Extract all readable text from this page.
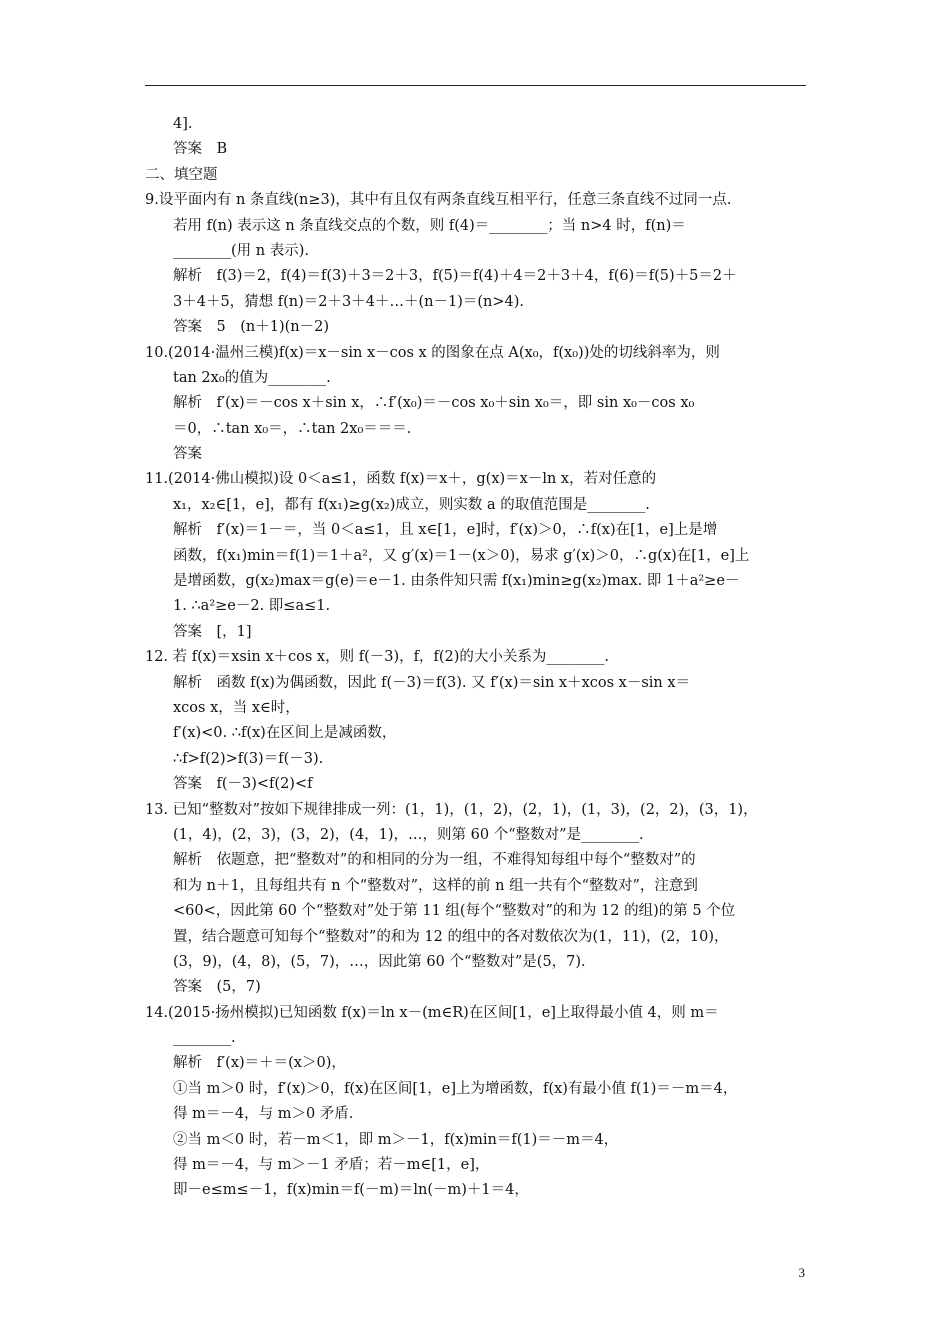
4].
答案　B
二、填空题
9.设平面内有 n 条直线(n≥3)，其中有且仅有两条直线互相平行，任意三条直线不过同一点.
若用 f(n) 表示这 n 条直线交点的个数，则 f(4)＝________；当 n>4 时，f(n)＝
________(用 n 表示).
解析　f(3)＝2，f(4)＝f(3)＋3＝2＋3，f(5)＝f(4)＋4＝2＋3＋4，f(6)＝f(5)＋5＝2＋
3＋4＋5，猜想 f(n)＝2＋3＋4＋…＋(n－1)＝(n>4).
答案　5　(n＋1)(n－2)
10.(2014·温州三模)f(x)＝x－sin x－cos x 的图象在点 A(x₀，f(x₀))处的切线斜率为，则
tan 2x₀的值为________.
解析　f′(x)＝－cos x＋sin x，∴f′(x₀)＝－cos x₀＋sin x₀＝，即 sin x₀－cos x₀
＝0，∴tan x₀＝，∴tan 2x₀＝＝＝.
答案
11.(2014·佛山模拟)设 0＜a≤1，函数 f(x)＝x＋，g(x)＝x－ln x，若对任意的
x₁，x₂∈[1，e]，都有 f(x₁)≥g(x₂)成立，则实数 a 的取值范围是________.
解析　f′(x)＝1－＝，当 0＜a≤1，且 x∈[1，e]时，f′(x)＞0，∴f(x)在[1，e]上是增
函数，f(x₁)min＝f(1)＝1＋a²，又 g′(x)＝1－(x＞0)，易求 g′(x)＞0，∴g(x)在[1，e]上
是增函数，g(x₂)max＝g(e)＝e－1. 由条件知只需 f(x₁)min≥g(x₂)max. 即 1＋a²≥e－
1. ∴a²≥e－2. 即≤a≤1.
答案　[，1]
12. 若 f(x)＝xsin x＋cos x，则 f(－3)，f，f(2)的大小关系为________.
解析　函数 f(x)为偶函数，因此 f(－3)＝f(3). 又 f′(x)＝sin x＋xcos x－sin x＝
xcos x，当 x∈时，
f′(x)<0. ∴f(x)在区间上是减函数，
∴f>f(2)>f(3)＝f(－3).
答案　f(－3)<f(2)<f
13. 已知“整数对”按如下规律排成一列：(1，1)，(1，2)，(2，1)，(1，3)，(2，2)，(3，1)，
(1，4)，(2，3)，(3，2)，(4，1)，…，则第 60 个“整数对”是________.
解析　依题意，把“整数对”的和相同的分为一组，不难得知每组中每个“整数对”的
和为 n＋1，且每组共有 n 个“整数对”，这样的前 n 组一共有个“整数对”，注意到
<60<，因此第 60 个“整数对”处于第 11 组(每个“整数对”的和为 12 的组)的第 5 个位
置，结合题意可知每个“整数对”的和为 12 的组中的各对数依次为(1，11)，(2，10)，
(3，9)，(4，8)，(5，7)，…，因此第 60 个“整数对”是(5，7).
答案　(5，7)
14.(2015·扬州模拟)已知函数 f(x)＝ln x－(m∈R)在区间[1，e]上取得最小值 4，则 m＝
________.
解析　f′(x)＝＋＝(x＞0)，
①当 m＞0 时，f′(x)＞0，f(x)在区间[1，e]上为增函数，f(x)有最小值 f(1)＝－m＝4，
得 m＝－4，与 m＞0 矛盾.
②当 m＜0 时，若－m＜1，即 m＞－1，f(x)min＝f(1)＝－m＝4，
得 m＝－4，与 m＞－1 矛盾；若－m∈[1，e]，
即－e≤m≤－1，f(x)min＝f(－m)＝ln(－m)＋1＝4，
3
